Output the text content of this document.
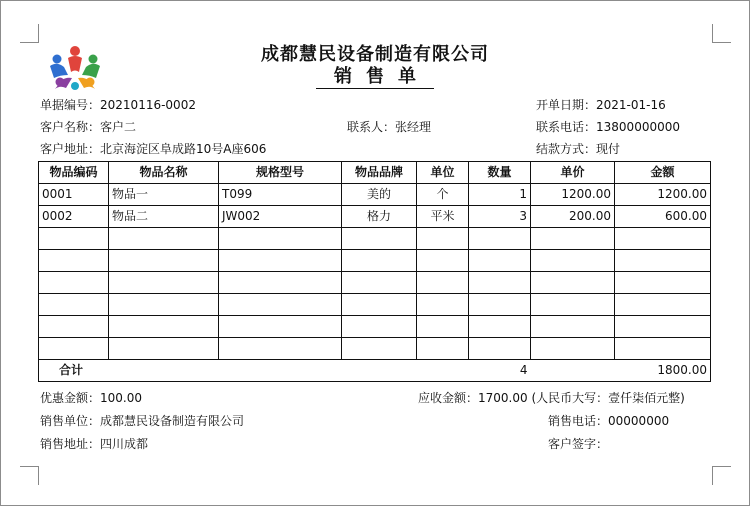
成都慧民设备制造有限公司
销售单
单据编号：20210116-0002	开单日期：2021-01-16
客户名称：客户二	联系人：张经理	联系电话：13800000000
客户地址：北京海淀区阜成路10号A座606	结款方式：现付
物品编码	物品名称	规格型号	物品品牌	单位	数量	单价	金额
0001	物品一	T099	美的	个	1	1200.00	1200.00
0002	物品二	JW002	格力	平米	3	200.00	600.00

合计					4		1800.00
优惠金额：100.00	应收金额：1700.00 (人民币大写：壹仟柒佰元整)
销售单位：成都慧民设备制造有限公司	销售电话：00000000
销售地址：四川成都	客户签字：
